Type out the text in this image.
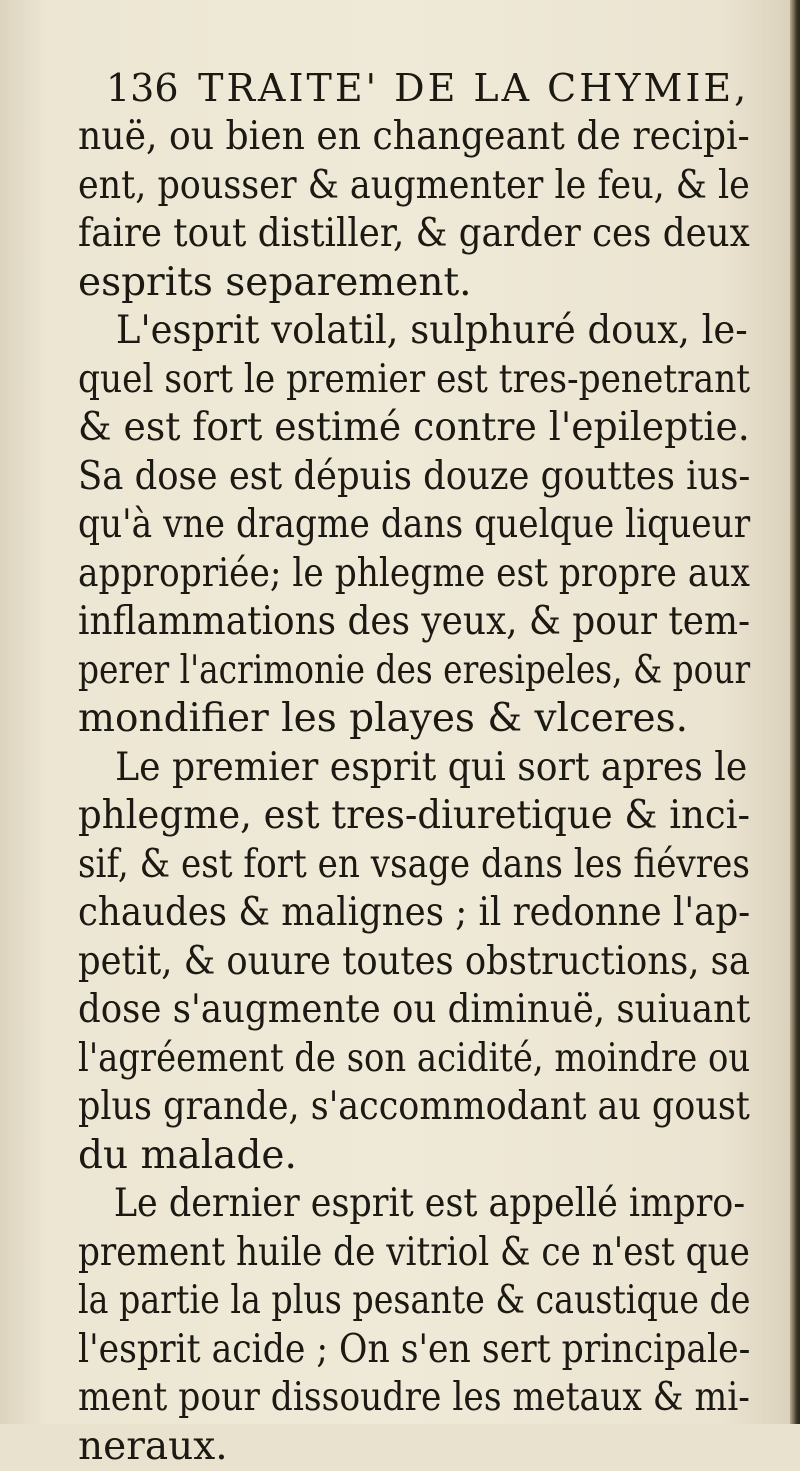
136 TRAITE' DE LA CHYMIE,
nuë, ou bien en changeant de recipi-
ent, pousser & augmenter le feu, & le
faire tout distiller, & garder ces deux
esprits separement.
L'esprit volatil, sulphuré doux, le-
quel sort le premier est tres-penetrant
& est fort estimé contre l'epileptie.
Sa dose est dépuis douze gouttes ius-
qu'à vne dragme dans quelque liqueur
appropriée; le phlegme est propre aux
inflammations des yeux, & pour tem-
perer l'acrimonie des eresipeles, & pour
mondifier les playes & vlceres.
Le premier esprit qui sort apres le
phlegme, est tres-diuretique & inci-
sif, & est fort en vsage dans les fiévres
chaudes & malignes ; il redonne l'ap-
petit, & ouure toutes obstructions, sa
dose s'augmente ou diminuë, suiuant
l'agréement de son acidité, moindre ou
plus grande, s'accommodant au goust
du malade.
Le dernier esprit est appellé impro-
prement huile de vitriol & ce n'est que
la partie la plus pesante & caustique de
l'esprit acide ; On s'en sert principale-
ment pour dissoudre les metaux & mi-
neraux.
